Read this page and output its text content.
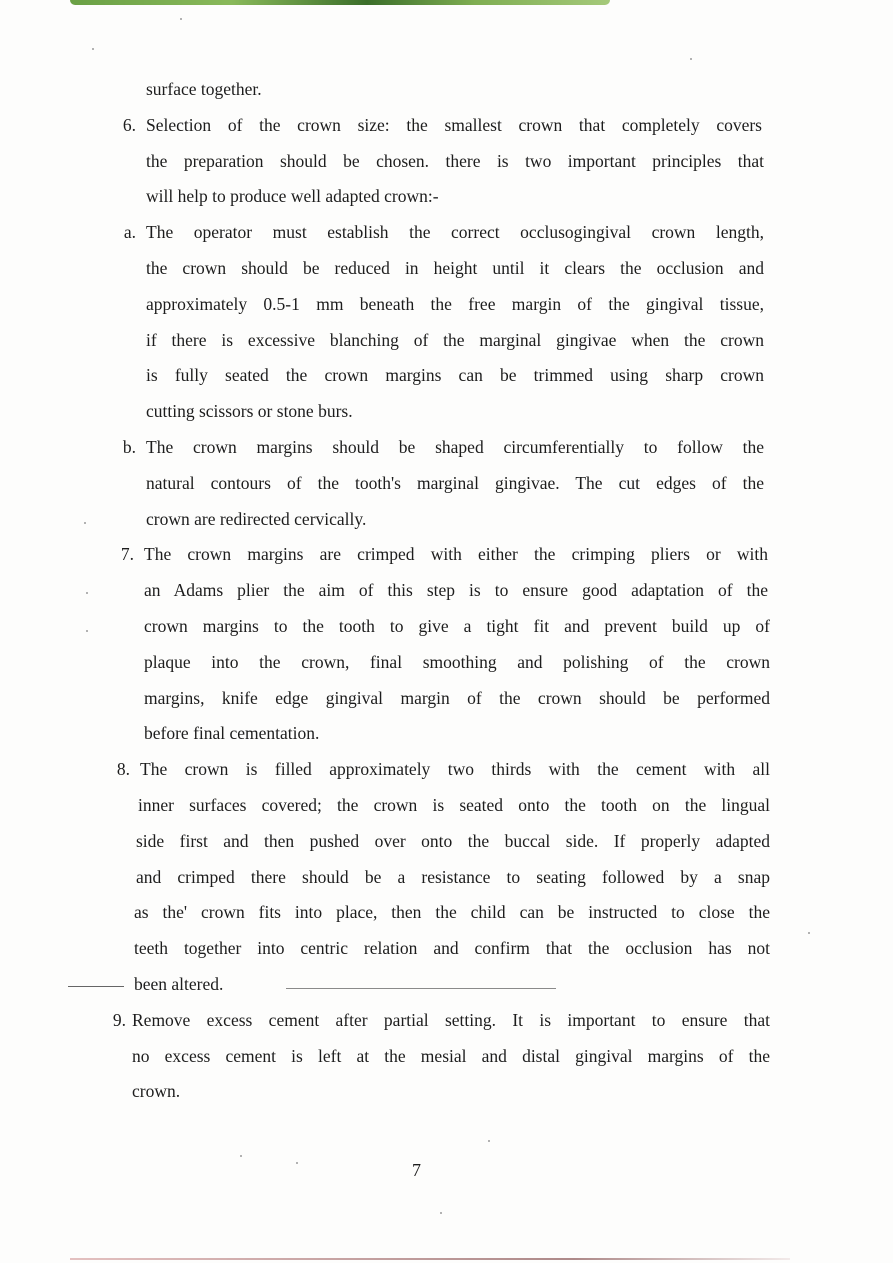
surface together.
6. Selection of the crown size: the smallest crown that completely covers
the preparation should be chosen. there is two important principles that
will help to produce well adapted crown:-
a. The operator must establish the correct occlusogingival crown length,
the crown should be reduced in height until it clears the occlusion and
approximately 0.5-1 mm beneath the free margin of the gingival tissue,
if there is excessive blanching of the marginal gingivae when the crown
is fully seated the crown margins can be trimmed using sharp crown
cutting scissors or stone burs.
b. The crown margins should be shaped circumferentially to follow the
natural contours of the tooth's marginal gingivae. The cut edges of the
crown are redirected cervically.
7. The crown margins are crimped with either the crimping pliers or with
an Adams plier the aim of this step is to ensure good adaptation of the
crown margins to the tooth to give a tight fit and prevent build up of
plaque into the crown, final smoothing and polishing of the crown
margins, knife edge gingival margin of the crown should be performed
before final cementation.
8. The crown is filled approximately two thirds with the cement with all
inner surfaces covered; the crown is seated onto the tooth on the lingual
side first and then pushed over onto the buccal side. If properly adapted
and crimped there should be a resistance to seating followed by a snap
as the' crown fits into place, then the child can be instructed to close the
teeth together into centric relation and confirm that the occlusion has not
been altered.
9. Remove excess cement after partial setting. It is important to ensure that
no excess cement is left at the mesial and distal gingival margins of the
crown.
7
